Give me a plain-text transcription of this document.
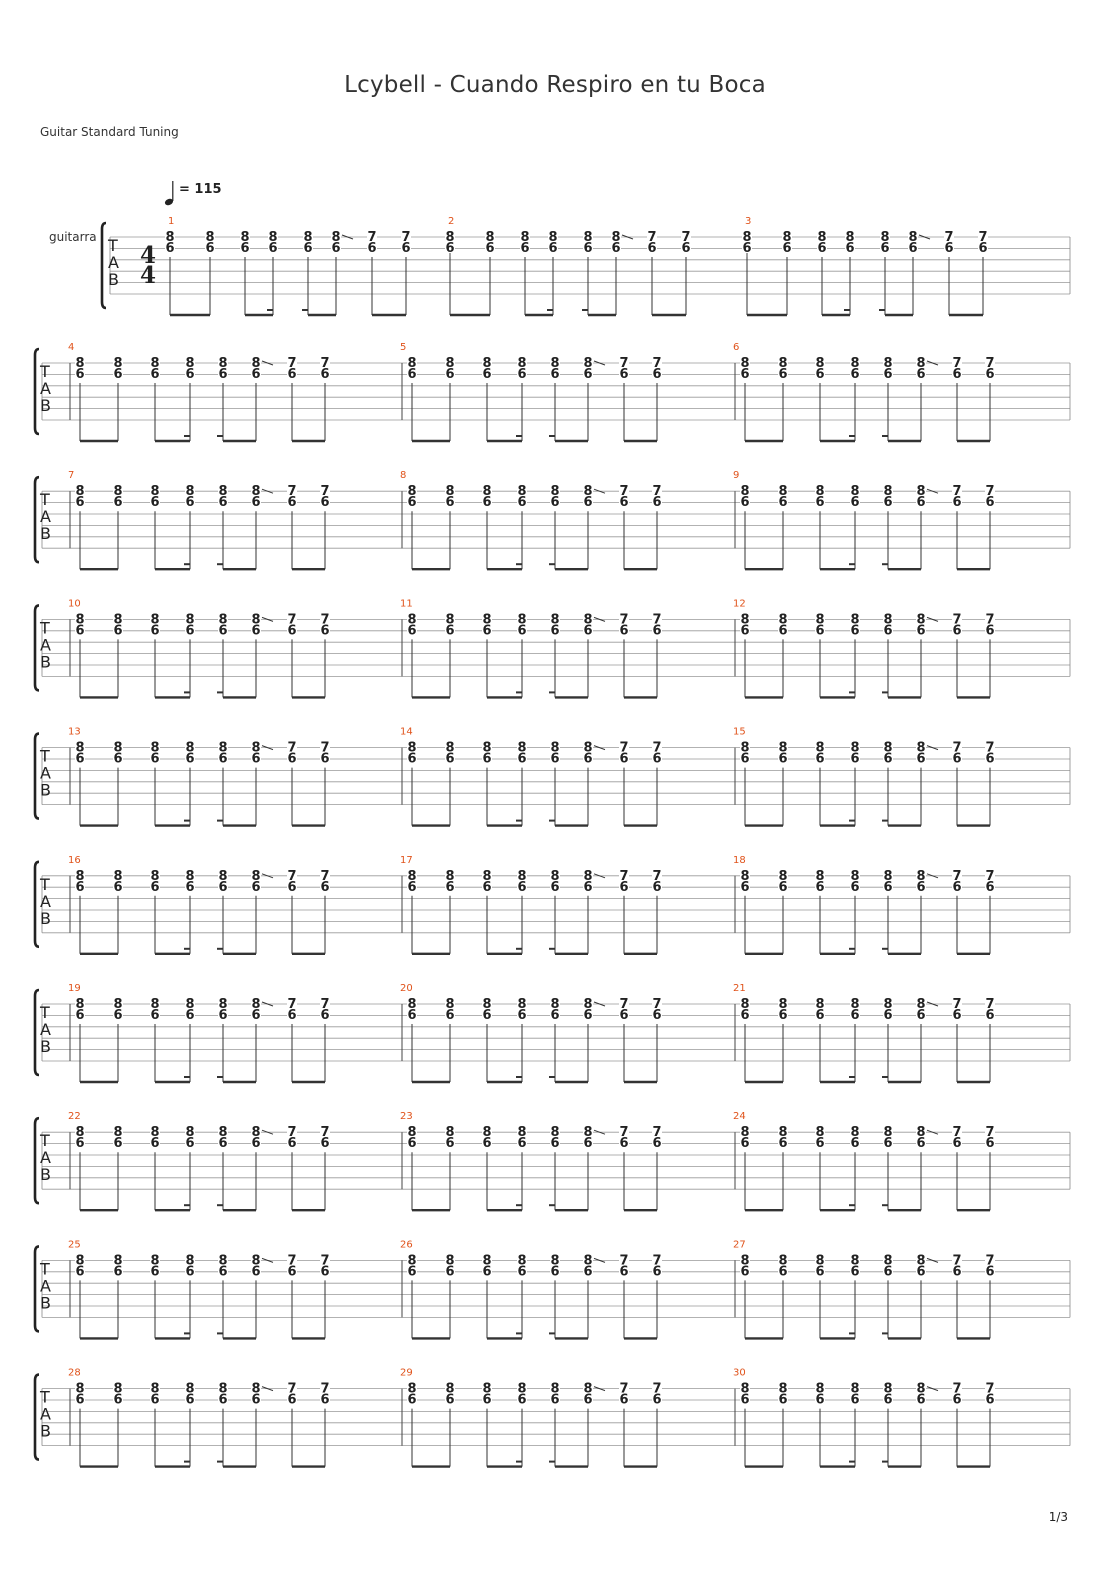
Lcybell - Cuando Respiro en tu Boca
Guitar Standard Tuning
= 115
guitarra T
A
B
4
4
1
8
6
8
6
8
6
8
6
8
6
8
6
7
6
7
6
2
8
6
8
6
8
6
8
6
8
6
8
6
7
6
7
6
3
8
6
8
6
8
6
8
6
8
6
8
6
7
6
7
6
T
A
B
4
8
6
8
6
8
6
8
6
8
6
8
6
7
6
7
6
5
8
6
8
6
8
6
8
6
8
6
8
6
7
6
7
6
6
8
6
8
6
8
6
8
6
8
6
8
6
7
6
7
6
T
A
B
7
8
6
8
6
8
6
8
6
8
6
8
6
7
6
7
6
8
8
6
8
6
8
6
8
6
8
6
8
6
7
6
7
6
9
8
6
8
6
8
6
8
6
8
6
8
6
7
6
7
6
T
A
B
10
8
6
8
6
8
6
8
6
8
6
8
6
7
6
7
6
11
8
6
8
6
8
6
8
6
8
6
8
6
7
6
7
6
12
8
6
8
6
8
6
8
6
8
6
8
6
7
6
7
6
T
A
B
13
8
6
8
6
8
6
8
6
8
6
8
6
7
6
7
6
14
8
6
8
6
8
6
8
6
8
6
8
6
7
6
7
6
15
8
6
8
6
8
6
8
6
8
6
8
6
7
6
7
6
T
A
B
16
8
6
8
6
8
6
8
6
8
6
8
6
7
6
7
6
17
8
6
8
6
8
6
8
6
8
6
8
6
7
6
7
6
18
8
6
8
6
8
6
8
6
8
6
8
6
7
6
7
6
T
A
B
19
8
6
8
6
8
6
8
6
8
6
8
6
7
6
7
6
20
8
6
8
6
8
6
8
6
8
6
8
6
7
6
7
6
21
8
6
8
6
8
6
8
6
8
6
8
6
7
6
7
6
T
A
B
22
8
6
8
6
8
6
8
6
8
6
8
6
7
6
7
6
23
8
6
8
6
8
6
8
6
8
6
8
6
7
6
7
6
24
8
6
8
6
8
6
8
6
8
6
8
6
7
6
7
6
T
A
B
25
8
6
8
6
8
6
8
6
8
6
8
6
7
6
7
6
26
8
6
8
6
8
6
8
6
8
6
8
6
7
6
7
6
27
8
6
8
6
8
6
8
6
8
6
8
6
7
6
7
6
T
A
B
28
8
6
8
6
8
6
8
6
8
6
8
6
7
6
7
6
29
8
6
8
6
8
6
8
6
8
6
8
6
7
6
7
6
30
8
6
8
6
8
6
8
6
8
6
8
6
7
6
7
6
1/3
